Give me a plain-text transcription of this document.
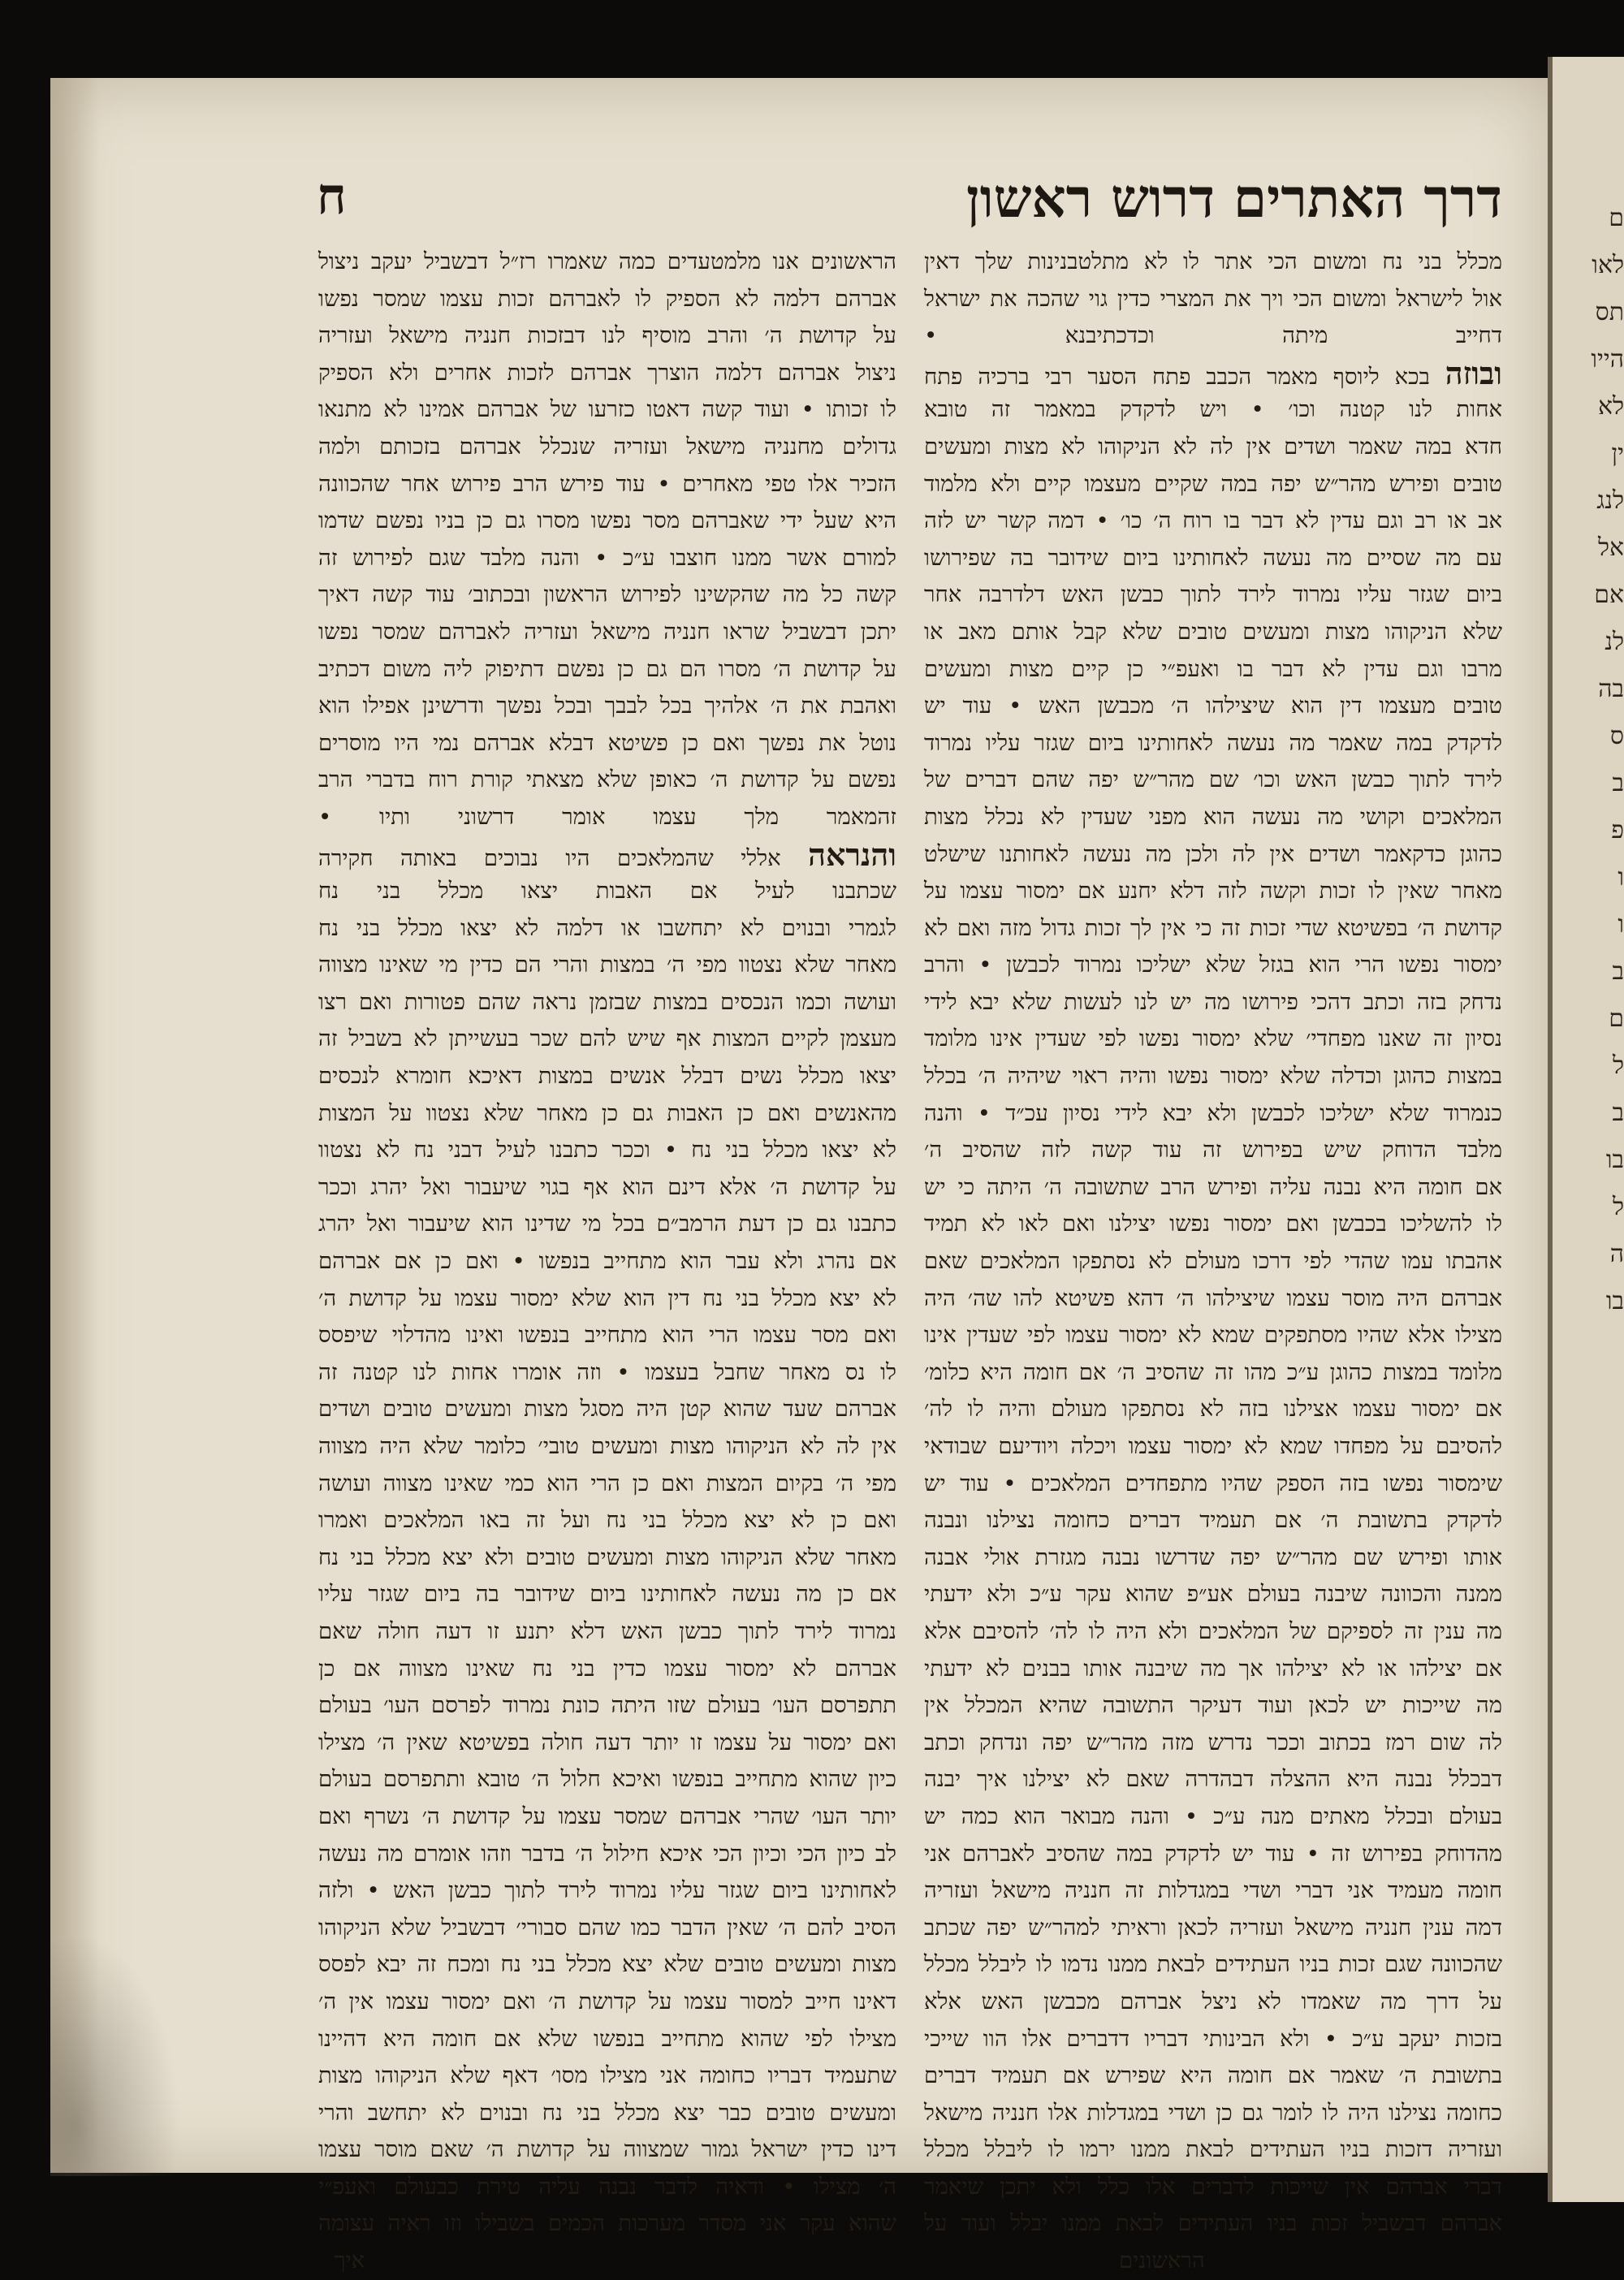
ם
לאו
תס
הייו
לא
ין
לנג
אל
אם
לנ
בה
ס
ב
פ
ו
ו
ב
ם
ל
ב
בו
ל
ה
בו
דרך האתרים דרוש ראשון
ח
מכלל בני נח ומשום הכי אתר לו לא מתלטבנינות שלך דאין
אול לישראל ומשום הכי ויך את המצרי כדין גוי שהכה את ישראל
דחייב מיתה וכדכתיבנא •
ובוזה בכא ליוסף מאמר הכבב פתח הסער רבי ברכיה פתח
אחות לנו קטנה וכו׳ • ויש לדקדק במאמר זה טובא
חדא במה שאמר ושדים אין לה לא הניקוהו לא מצות ומעשים
טובים ופירש מהר״ש יפה במה שקיים מעצמו קיים ולא מלמוד
אב או רב וגם עדין לא דבר בו רוח ה׳ כו׳ • דמה קשר יש לזה
עם מה שסיים מה נעשה לאחותינו ביום שידובר בה שפירושו
ביום שגזר עליו נמרוד לירד לתוך כבשן האש דלדרבה אחר
שלא הניקוהו מצות ומעשים טובים שלא קבל אותם מאב או
מרבו וגם עדין לא דבר בו ואעפ״י כן קיים מצות ומעשים
טובים מעצמו דין הוא שיצילהו ה׳ מכבשן האש • עוד יש
לדקדק במה שאמר מה נעשה לאחותינו ביום שגזר עליו נמרוד
לירד לתוך כבשן האש וכו׳ שם מהר״ש יפה שהם דברים של
המלאכים וקושי מה נעשה הוא מפני שעדין לא נכלל מצות
כהוגן כדקאמר ושדים אין לה ולכן מה נעשה לאחותנו שישלט
מאחר שאין לו זכות וקשה לזה דלא יחנע אם ימסור עצמו על
קדושת ה׳ בפשיטא שדי זכות זה כי אין לך זכות גדול מזה ואם לא
ימסור נפשו הרי הוא בגזל שלא ישליכו נמרוד לכבשן • והרב
נדחק בזה וכתב דהכי פירושו מה יש לנו לעשות שלא יבא לידי
נסיון זה שאנו מפחדי׳ שלא ימסור נפשו לפי שעדין אינו מלומד
במצות כהוגן וכדלה שלא ימסור נפשו והיה ראוי שיהיה ה׳ בכלל
כנמרוד שלא ישליכו לכבשן ולא יבא לידי נסיון עכ״ד • והנה
מלבד הדוחק שיש בפירוש זה עוד קשה לזה שהסיב ה׳
אם חומה היא נבנה עליה ופירש הרב שתשובה ה׳ היתה כי יש
לו להשליכו בכבשן ואם ימסור נפשו יצילנו ואם לאו לא תמיד
אהבתו עמו שהדי לפי דרכו מעולם לא נסתפקו המלאכים שאם
אברהם היה מוסר עצמו שיצילהו ה׳ דהא פשיטא להו שה׳ היה
מצילו אלא שהיו מסתפקים שמא לא ימסור עצמו לפי שעדין אינו
מלומד במצות כהוגן ע״כ מהו זה שהסיב ה׳ אם חומה היא כלומ׳
אם ימסור עצמו אצילנו בזה לא נסתפקו מעולם והיה לו לה׳
להסיבם על מפחדו שמא לא ימסור עצמו ויכלה ויודיעם שבודאי
שימסור נפשו בזה הספק שהיו מתפחדים המלאכים • עוד יש
לדקדק בתשובת ה׳ אם תעמיד דברים כחומה נצילנו ונבנה
אותו ופירש שם מהר״ש יפה שדרשו נבנה מגזרת אולי אבנה
ממנה והכוונה שיבנה בעולם אע״פ שהוא עקר ע״כ ולא ידעתי
מה ענין זה לספיקם של המלאכים ולא היה לו לה׳ להסיבם אלא
אם יצילהו או לא יצילהו אך מה שיבנה אותו בבנים לא ידעתי
מה שייכות יש לכאן ועוד דעיקר התשובה שהיא המכלל אין
לה שום רמז בכתוב וככר נדרש מזה מהר״ש יפה ונדחק וכתב
דבכלל נבנה היא ההצלה דבהדרה שאם לא יצילנו איך יבנה
בעולם ובכלל מאתים מנה ע״כ • והנה מבואר הוא כמה יש
מהדוחק בפירוש זה • עוד יש לדקדק במה שהסיב לאברהם אני
חומה מעמיד אני דברי ושדי במגדלות זה חנניה מישאל ועזריה
דמה ענין חנניה מישאל ועזריה לכאן וראיתי למהר״ש יפה שכתב
שהכוונה שגם זכות בניו העתידים לבאת ממנו נדמו לו ליבלל מכלל
על דרך מה שאמדו לא ניצל אברהם מכבשן האש אלא
בזכות יעקב ע״כ • ולא הבינותי דבריו דדברים אלו הוו שייכי
בתשובת ה׳ שאמר אם חומה היא שפירש אם תעמיד דברים
כחומה נצילנו היה לו לומר גם כן ושדי במגדלות אלו חנניה מישאל
ועזריה דזכות בניו העתידים לבאת ממנו ירמו לו ליבלל מכלל
דברי אברהם אין שייכות לדברים אלו כלל ולא יתכן שיאמר
אברהם דבשביל זכות בניו העתידים לבאת ממנו יבלל ועוד על
הראשונים
הראשונים אנו מלמטעדים כמה שאמרו רז״ל דבשביל יעקב ניצול
אברהם דלמה לא הספיק לו לאברהם זכות עצמו שמסר נפשו
על קדושת ה׳ והרב מוסיף לנו דבזכות חנניה מישאל ועזריה
ניצול אברהם דלמה הוצרך אברהם לזכות אחרים ולא הספיק
לו זכותו • ועוד קשה דאטו כזרעו של אברהם אמינו לא מתנאו
גדולים מחנניה מישאל ועזריה שנכלל אברהם בזכותם ולמה
הזכיר אלו טפי מאחרים • עוד פירש הרב פירוש אחר שהכוונה
היא שעל ידי שאברהם מסר נפשו מסרו גם כן בניו נפשם שדמו
למורם אשר ממנו חוצבו ע״כ • והנה מלבד שגם לפירוש זה
קשה כל מה שהקשינו לפירוש הראשון ובכתוב׳ עוד קשה דאיך
יתכן דבשביל שראו חנניה מישאל ועזריה לאברהם שמסר נפשו
על קדושת ה׳ מסרו הם גם כן נפשם דתיפוק ליה משום דכתיב
ואהבת את ה׳ אלהיך בכל לבבך ובכל נפשך ודרשינן אפילו הוא
נוטל את נפשך ואם כן פשיטא דבלא אברהם נמי היו מוסרים
נפשם על קדושת ה׳ כאופן שלא מצאתי קורת רוח בדברי הרב
זהמאמר מלך עצמו אומר דרשוני ותיו •
והנראה אללי שהמלאכים היו נבוכים באותה חקירה
שכתבנו לעיל אם האבות יצאו מכלל בני נח
לגמרי ובנוים לא יתחשבו או דלמה לא יצאו מכלל בני נח
מאחר שלא נצטוו מפי ה׳ במצות והרי הם כדין מי שאינו מצווה
ועושה וכמו הנכסים במצות שבזמן נראה שהם פטורות ואם רצו
מעצמן לקיים המצות אף שיש להם שכר בעשייתן לא בשביל זה
יצאו מכלל נשים דבלל אנשים במצות דאיכא חומרא לנכסים
מהאנשים ואם כן האבות גם כן מאחר שלא נצטוו על המצות
לא יצאו מכלל בני נח • וככר כתבנו לעיל דבני נח לא נצטוו
על קדושת ה׳ אלא דינם הוא אף בגוי שיעבור ואל יהרג וככר
כתבנו גם כן דעת הרמב״ם בכל מי שדינו הוא שיעבור ואל יהרג
אם נהרג ולא עבר הוא מתחייב בנפשו • ואם כן אם אברהם
לא יצא מכלל בני נח דין הוא שלא ימסור עצמו על קדושת ה׳
ואם מסר עצמו הרי הוא מתחייב בנפשו ואינו מהדלוי שיפסס
לו נס מאחר שחבל בעצמו • וזה אומרו אחות לנו קטנה זה
אברהם שעד שהוא קטן היה מסגל מצות ומעשים טובים ושדים
אין לה לא הניקוהו מצות ומעשים טובי׳ כלומר שלא היה מצווה
מפי ה׳ בקיום המצות ואם כן הרי הוא כמי שאינו מצווה ועושה
ואם כן לא יצא מכלל בני נח ועל זה באו המלאכים ואמרו
מאחר שלא הניקוהו מצות ומעשים טובים ולא יצא מכלל בני נח
אם כן מה נעשה לאחותינו ביום שידובר בה ביום שגזר עליו
נמרוד לירד לתוך כבשן האש דלא יתנע זו דעה חולה שאם
אברהם לא ימסור עצמו כדין בני נח שאינו מצווה אם כן
תתפרסם העו׳ בעולם שזו היתה כונת נמרוד לפרסם העו׳ בעולם
ואם ימסור על עצמו זו יותר דעה חולה בפשיטא שאין ה׳ מצילו
כיון שהוא מתחייב בנפשו ואיכא חלול ה׳ טובא ותתפרסם בעולם
יותר העו׳ שהרי אברהם שמסר עצמו על קדושת ה׳ נשרף ואם
לב כיון הכי וכיון הכי איכא חילול ה׳ בדבר וזהו אומרם מה נעשה
לאחותינו ביום שגזר עליו נמרוד לירד לתוך כבשן האש • ולזה
הסיב להם ה׳ שאין הדבר כמו שהם סבורי׳ דבשביל שלא הניקוהו
מצות ומעשים טובים שלא יצא מכלל בני נח ומכח זה יבא לפסס
דאינו חייב למסור עצמו על קדושת ה׳ ואם ימסור עצמו אין ה׳
מצילו לפי שהוא מתחייב בנפשו שלא אם חומה היא דהיינו
שתעמיד דבריו כחומה אני מצילו מסו׳ דאף שלא הניקוהו מצות
ומעשים טובים כבר יצא מכלל בני נח ובנוים לא יתחשב והרי
דינו כדין ישראל גמור שמצווה על קדושת ה׳ שאם מוסר עצמו
ה׳ מצילו • ודאיה לדבר נבנה עליה טירת כבעולם ואעפ״י
שהוא עקר אני מסדר מערכות הכמים בשבילו וזו ראיה עצומה
איך
